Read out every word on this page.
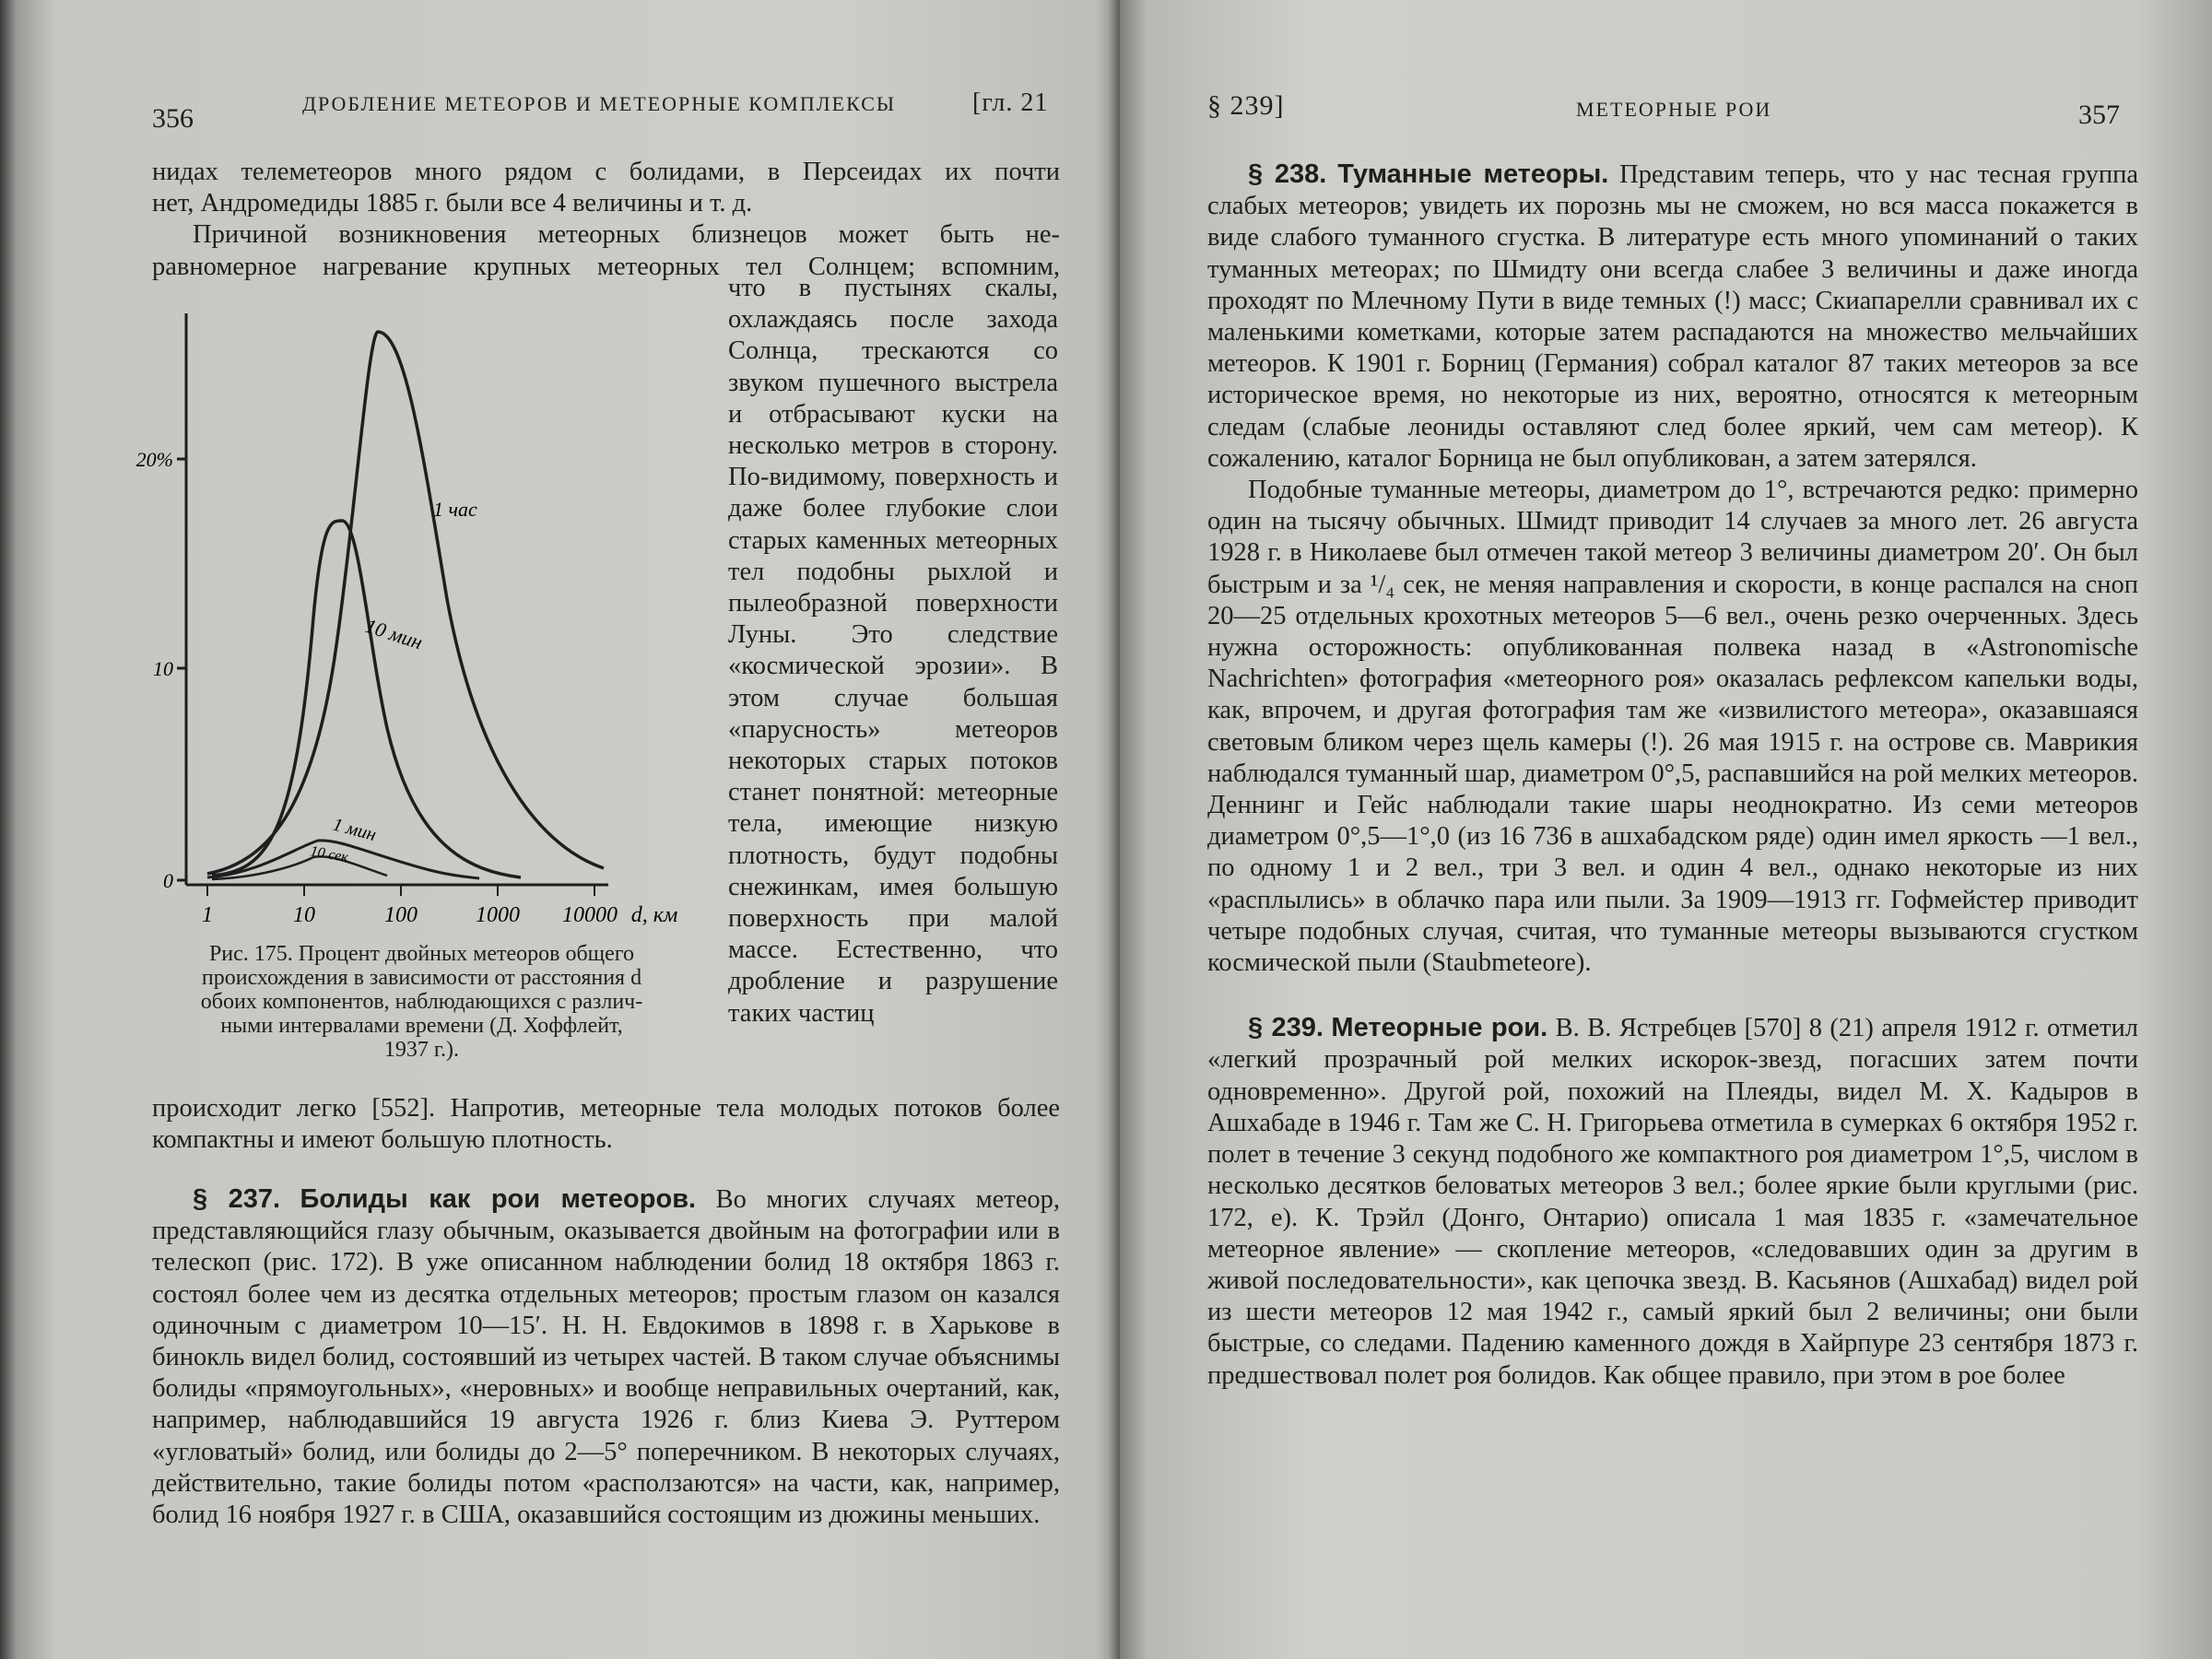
356	ДРОБЛЕНИЕ МЕТЕОРОВ И МЕТЕОРНЫЕ КОМПЛЕКСЫ	[гл. 21

нидах телеметеоров много рядом с болидами, в Персеидах их почти

нет, Андромедиды 1885 г. были все 4 величины и т. д.

Причиной возникновения метеорных близнецов может быть не-

равномерное нагревание крупных метеорных тел Солнцем; вспомним,

что в пустынях скалы, охлаждаясь после захода Солнца, трескаются со звуком пушечного выстрела и отбрасывают куски на несколько метров в сторону. По-видимому, поверхность и даже более глубокие слои старых каменных метеорных тел подобны рыхлой и пылеобразной поверхности Луны. Это следствие «космической эрозии». В этом случае большая «парусность» метеоров некоторых старых потоков станет понятной: метеорные тела, имеющие низкую плотность, будут подобны снежинкам, имея большую поверхность при малой массе. Естественно, что дробление и разрушение таких частиц
20%
10
0
1	10	100	1000 10000 d, км
1 час
10 мин
1 мин
10 сек
Рис. 175. Процент двойных метеоров общего
происхождения в зависимости от расстояния d
обоих компонентов, наблюдающихся с различ-
ными интервалами времени (Д. Хоффлейт,
1937 г.).
происходит легко [552]. Напротив, метеорные тела молодых потоков более компактны и имеют большую плотность.

§ 237. Болиды как рои метеоров. Во многих случаях метеор, представляющийся глазу обычным, оказывается двойным на фотографии или в телескоп (рис. 172). В уже описанном наблюдении болид 18 октября 1863 г. состоял более чем из десятка отдельных метеоров; простым глазом он казался одиночным с диаметром 10—15′. Н. Н. Евдокимов в 1898 г. в Харькове в бинокль видел болид, состоявший из четырех частей. В таком случае объяснимы болиды «прямоугольных», «неровных» и вообще неправильных очертаний, как, например, наблюдавшийся 19 августа 1926 г. близ Киева Э. Руттером «угловатый» болид, или болиды до 2—5° поперечником. В некоторых случаях, действительно, такие болиды потом «расползаются» на части, как, например, болид 16 ноября 1927 г. в США, оказавшийся состоящим из дюжины меньших.

§ 239]	МЕТЕОРНЫЕ РОИ	357

§ 238. Туманные метеоры. Представим теперь, что у нас тесная группа слабых метеоров; увидеть их порознь мы не сможем, но вся масса покажется в виде слабого туманного сгустка. В литературе есть много упоминаний о таких туманных метеорах; по Шмидту они всегда слабее 3 величины и даже иногда проходят по Млечному Пути в виде темных (!) масс; Скиапарелли сравнивал их с маленькими кометками, которые затем распадаются на множество мельчайших метеоров. К 1901 г. Борниц (Германия) собрал каталог 87 таких метеоров за все историческое время, но некоторые из них, вероятно, относятся к метеорным следам (слабые леониды оставляют след более яркий, чем сам метеор). К сожалению, каталог Борница не был опубликован, а затем затерялся.

Подобные туманные метеоры, диаметром до 1°, встречаются редко: примерно один на тысячу обычных. Шмидт приводит 14 случаев за много лет. 26 августа 1928 г. в Николаеве был отмечен такой метеор 3 величины диаметром 20′. Он был быстрым и за ¹/₄ сек, не меняя направления и скорости, в конце распался на сноп 20—25 отдельных крохотных метеоров 5—6 вел., очень резко очерченных. Здесь нужна осторожность: опубликованная полвека назад в «Astronomische Nachrichten» фотография «метеорного роя» оказалась рефлексом капельки воды, как, впрочем, и другая фотография там же «извилистого метеора», оказавшаяся световым бликом через щель камеры (!). 26 мая 1915 г. на острове св. Маврикия наблюдался туманный шар, диаметром 0°,5, распавшийся на рой мелких метеоров. Деннинг и Гейс наблюдали такие шары неоднократно. Из семи метеоров диаметром 0°,5—1°,0 (из 16 736 в ашхабадском ряде) один имел яркость —1 вел., по одному 1 и 2 вел., три 3 вел. и один 4 вел., однако некоторые из них «расплылись» в облачко пара или пыли. За 1909—1913 гг. Гофмейстер приводит четыре подобных случая, считая, что туманные метеоры вызываются сгустком космической пыли (Staubmeteore).

§ 239. Метеорные рои. В. В. Ястребцев [570] 8 (21) апреля 1912 г. отметил «легкий прозрачный рой мелких искорок-звезд, погасших затем почти одновременно». Другой рой, похожий на Плеяды, видел М. Х. Кадыров в Ашхабаде в 1946 г. Там же С. Н. Григорьева отметила в сумерках 6 октября 1952 г. полет в течение 3 секунд подобного же компактного роя диаметром 1°,5, числом в несколько десятков беловатых метеоров 3 вел.; более яркие были круглыми (рис. 172, е). К. Трэйл (Донго, Онтарио) описала 1 мая 1835 г. «замечательное метеорное явление» — скопление метеоров, «следовавших один за другим в живой последовательности», как цепочка звезд. В. Касьянов (Ашхабад) видел рой из шести метеоров 12 мая 1942 г., самый яркий был 2 величины; они были быстрые, со следами. Падению каменного дождя в Хайрпуре 23 сентября 1873 г. предшествовал полет роя болидов. Как общее правило, при этом в рое более
